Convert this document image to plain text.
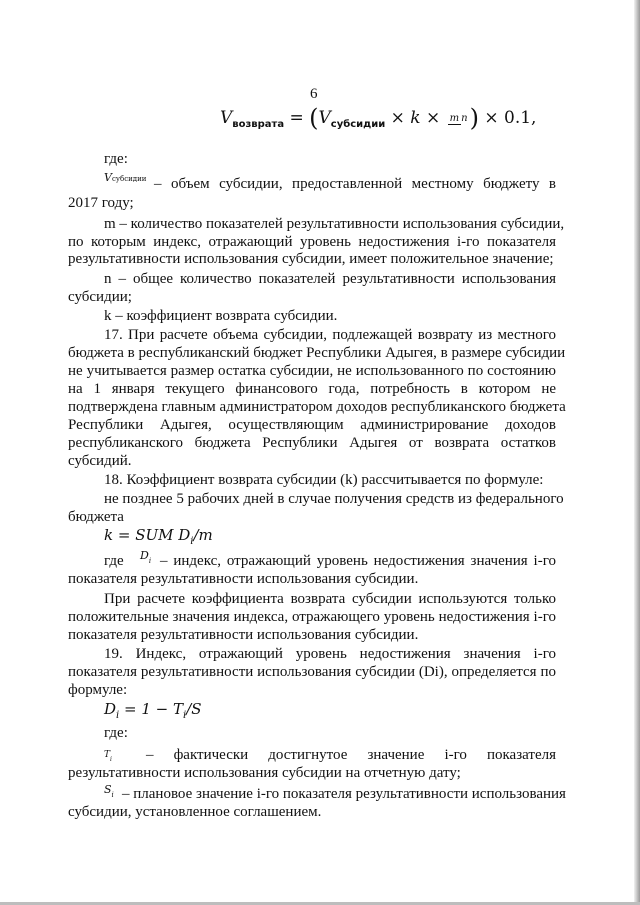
6
$V_{возврата} = (V_{субсидии} \times k \times m$ n) × 0.1,
где:
Vсубсидии – объем субсидии, предоставленной местному бюджету в
2017 году;
m – количество показателей результативности использования субсидии,
по которым индекс, отражающий уровень недостижения i-го показателя
результативности использования субсидии, имеет положительное значение;
n – общее количество показателей результативности использования
субсидии;
k – коэффициент возврата субсидии.
17. При расчете объема субсидии, подлежащей возврату из местного
бюджета в республиканский бюджет Республики Адыгея, в размере субсидии
не учитывается размер остатка субсидии, не использованного по состоянию
на 1 января текущего финансового года, потребность в котором не
подтверждена главным администратором доходов республиканского бюджета
Республики Адыгея, осуществляющим администрирование доходов
республиканского бюджета Республики Адыгея от возврата остатков
субсидий.
18. Коэффициент возврата субсидии (k) рассчитывается по формуле:
не позднее 5 рабочих дней в случае получения средств из федерального
бюджета
k = SUM $D_i/m$
где	$D_i$ – индекс, отражающий уровень недостижения значения i-го
показателя результативности использования субсидии.
При расчете коэффициента возврата субсидии используются только
положительные значения индекса, отражающего уровень недостижения i-го
показателя результативности использования субсидии.
19. Индекс, отражающий уровень недостижения значения i-го
показателя результативности использования субсидии (Di), определяется по
формуле:
$D_i = 1 - T_i/S$
где:
$T_i$	– фактически достигнутое значение i-го показателя
результативности использования субсидии на отчетную дату;
$S_i$ – плановое значение i-го показателя результативности использования
субсидии, установленное соглашением.
